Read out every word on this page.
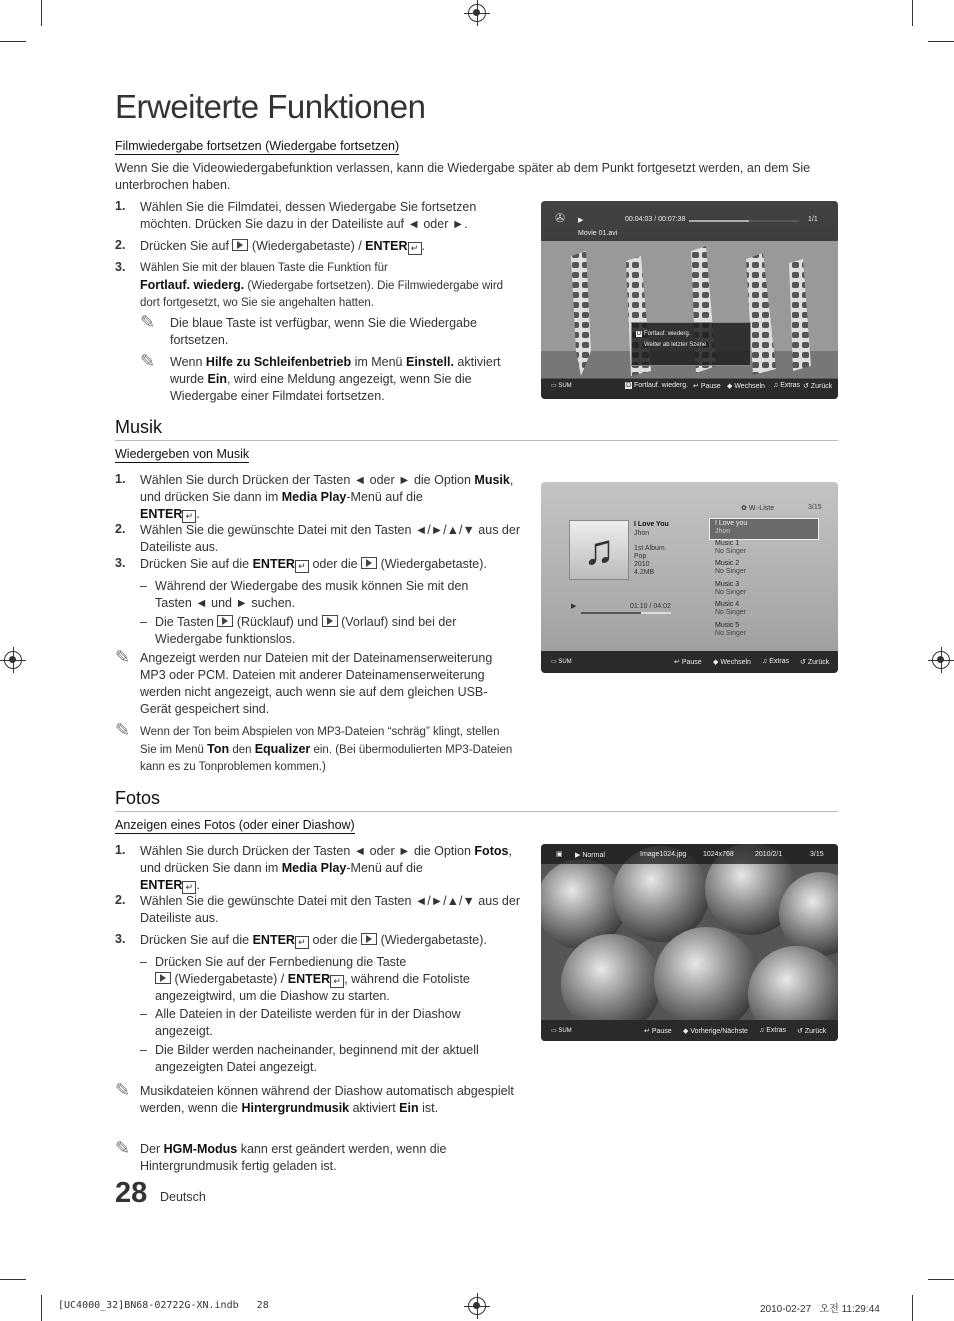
Erweiterte Funktionen
Filmwiedergabe fortsetzen (Wiedergabe fortsetzen)
Wenn Sie die Videowiedergabefunktion verlassen, kann die Wiedergabe später ab dem Punkt fortgesetzt werden, an dem Sie unterbrochen haben.
1. Wählen Sie die Filmdatei, dessen Wiedergabe Sie fortsetzen möchten. Drücken Sie dazu in der Dateiliste auf ◄ oder ►.
2. Drücken Sie auf (Wiedergabetaste) / ENTER ↵ .
3. Wählen Sie mit der blauen Taste die Funktion für
Fortlauf. wiederg. (Wiedergabe fortsetzen). Die Filmwiedergabe wird dort fortgesetzt, wo Sie sie angehalten hatten.
✎ Die blaue Taste ist verfügbar, wenn Sie die Wiedergabe fortsetzen.
✎ Wenn Hilfe zu Schleifenbetrieb im Menü Einstell. aktiviert wurde Ein, wird eine Meldung angezeigt, wenn Sie die Wiedergabe einer Filmdatei fortsetzen.
✇ ▶	00:04:03 / 00:07:38	1/1
Movie 01.avi
D Fortlauf. wiederg.
Weiter ab letzter Szene
▭ SUM	D Fortlauf. wiederg. ↵ Pause ◆ Wechseln ♫ Extras ↺ Zurück
Musik
Wiedergeben von Musik
1. Wählen Sie durch Drücken der Tasten ◄ oder ► die Option Musik, und drücken Sie dann im Media Play-Menü auf die
ENTER ↵ .
2. Wählen Sie die gewünschte Datei mit den Tasten ◄/►/▲/▼ aus der Dateiliste aus.
3. Drücken Sie auf die ENTER ↵ oder die (Wiedergabetaste).
– Während der Wiedergabe des musik können Sie mit den Tasten ◄ und ► suchen.
– Die Tasten (Rücklauf) und (Vorlauf) sind bei der Wiedergabe funktionslos.
✎ Angezeigt werden nur Dateien mit der Dateinamenserweiterung MP3 oder PCM. Dateien mit anderer Dateinamenserweiterung werden nicht angezeigt, auch wenn sie auf dem gleichen USB-Gerät gespeichert sind.
✎ Wenn der Ton beim Abspielen von MP3-Dateien “schräg” klingt, stellen Sie im Menü Ton den Equalizer ein. (Bei übermodulierten MP3-Dateien kann es zu Tonproblemen kommen.)
✿ W.-Liste	3/15
♫
I Love You
Jhon
1st Album
Pop
2010
4.2MB
▶	01:10 / 04:02
I Love you
Jhon
Music 1
No Singer
Music 2
No Singer
Music 3
No Singer
Music 4
No Singer
Music 5
No Singer
▭ SUM	↵ Pause ◆ Wechseln ♫ Extras ↺ Zurück
Fotos
Anzeigen eines Fotos (oder einer Diashow)
1. Wählen Sie durch Drücken der Tasten ◄ oder ► die Option Fotos, und drücken Sie dann im Media Play-Menü auf die
ENTER ↵ .
2. Wählen Sie die gewünschte Datei mit den Tasten ◄/►/▲/▼ aus der Dateiliste aus.
3. Drücken Sie auf die ENTER ↵ oder die (Wiedergabetaste).
– Drücken Sie auf der Fernbedienung die Taste
(Wiedergabetaste) / ENTER ↵ , während die Fotoliste angezeigtwird, um die Diashow zu starten.
– Alle Dateien in der Dateiliste werden für in der Diashow angezeigt.
– Die Bilder werden nacheinander, beginnend mit der aktuell angezeigten Datei angezeigt.
✎ Musikdateien können während der Diashow automatisch abgespielt werden, wenn die Hintergrundmusik aktiviert Ein ist.
✎ Der HGM-Modus kann erst geändert werden, wenn die Hintergrundmusik fertig geladen ist.
▣ ▶ Normal	Image1024.jpg 1024x768	2010/2/1	3/15
▭ SUM	↵ Pause ◆ Vorherige/Nächste ♫ Extras ↺ Zurück
28 Deutsch
[UC4000_32]BN68-02722G-XN.indb   28	2010-02-27   오전 11:29:44
